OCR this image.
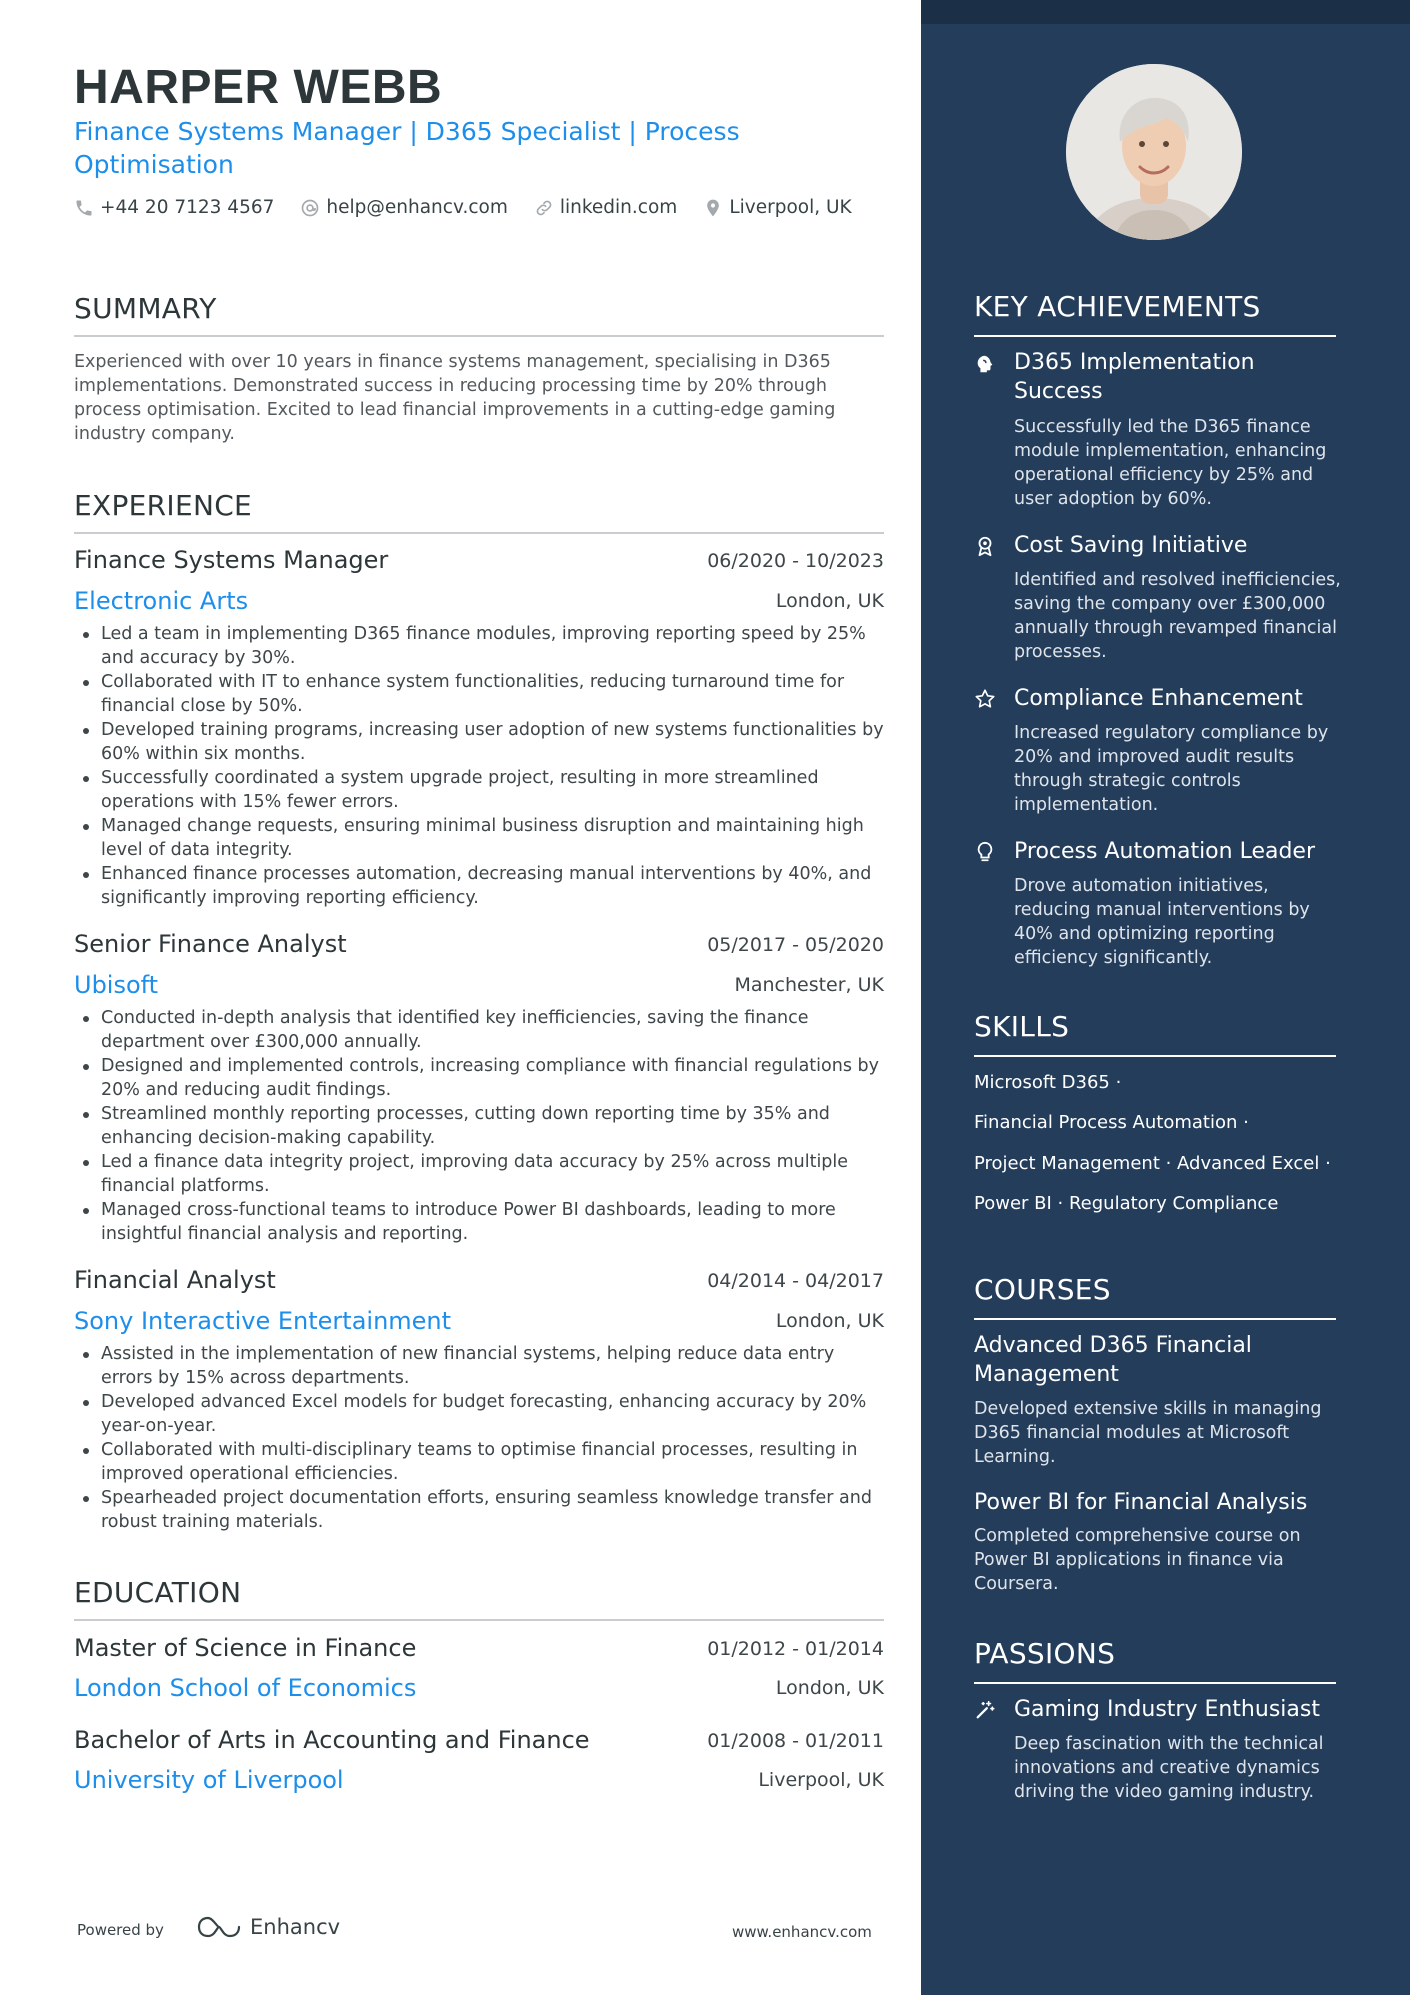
HARPER WEBB
Finance Systems Manager | D365 Specialist | Process Optimisation
+44 20 7123 4567	help@enhancv.com	linkedin.com	Liverpool, UK
SUMMARY
Experienced with over 10 years in finance systems management, specialising in D365 implementations. Demonstrated success in reducing processing time by 20% through process optimisation. Excited to lead financial improvements in a cutting-edge gaming industry company.
EXPERIENCE
Finance Systems Manager	06/2020 - 10/2023
Electronic Arts	London, UK
Led a team in implementing D365 finance modules, improving reporting speed by 25% and accuracy by 30%.
Collaborated with IT to enhance system functionalities, reducing turnaround time for financial close by 50%.
Developed training programs, increasing user adoption of new systems functionalities by 60% within six months.
Successfully coordinated a system upgrade project, resulting in more streamlined operations with 15% fewer errors.
Managed change requests, ensuring minimal business disruption and maintaining high level of data integrity.
Enhanced finance processes automation, decreasing manual interventions by 40%, and significantly improving reporting efficiency.
Senior Finance Analyst	05/2017 - 05/2020
Ubisoft	Manchester, UK
Conducted in-depth analysis that identified key inefficiencies, saving the finance department over £300,000 annually.
Designed and implemented controls, increasing compliance with financial regulations by 20% and reducing audit findings.
Streamlined monthly reporting processes, cutting down reporting time by 35% and enhancing decision-making capability.
Led a finance data integrity project, improving data accuracy by 25% across multiple financial platforms.
Managed cross-functional teams to introduce Power BI dashboards, leading to more insightful financial analysis and reporting.
Financial Analyst	04/2014 - 04/2017
Sony Interactive Entertainment	London, UK
Assisted in the implementation of new financial systems, helping reduce data entry errors by 15% across departments.
Developed advanced Excel models for budget forecasting, enhancing accuracy by 20% year-on-year.
Collaborated with multi-disciplinary teams to optimise financial processes, resulting in improved operational efficiencies.
Spearheaded project documentation efforts, ensuring seamless knowledge transfer and robust training materials.
EDUCATION
Master of Science in Finance	01/2012 - 01/2014
London School of Economics	London, UK
Bachelor of Arts in Accounting and Finance	01/2008 - 01/2011
University of Liverpool	Liverpool, UK
Powered by	Enhancv	www.enhancv.com
KEY ACHIEVEMENTS
D365 Implementation Success
Successfully led the D365 finance module implementation, enhancing operational efficiency by 25% and user adoption by 60%.
Cost Saving Initiative
Identified and resolved inefficiencies, saving the company over £300,000 annually through revamped financial processes.
Compliance Enhancement
Increased regulatory compliance by 20% and improved audit results through strategic controls implementation.
Process Automation Leader
Drove automation initiatives, reducing manual interventions by 40% and optimizing reporting efficiency significantly.
SKILLS
Microsoft D365 ·
Financial Process Automation ·
Project Management · Advanced Excel ·
Power BI · Regulatory Compliance
COURSES
Advanced D365 Financial Management
Developed extensive skills in managing D365 financial modules at Microsoft Learning.
Power BI for Financial Analysis
Completed comprehensive course on Power BI applications in finance via Coursera.
PASSIONS
Gaming Industry Enthusiast
Deep fascination with the technical innovations and creative dynamics driving the video gaming industry.
